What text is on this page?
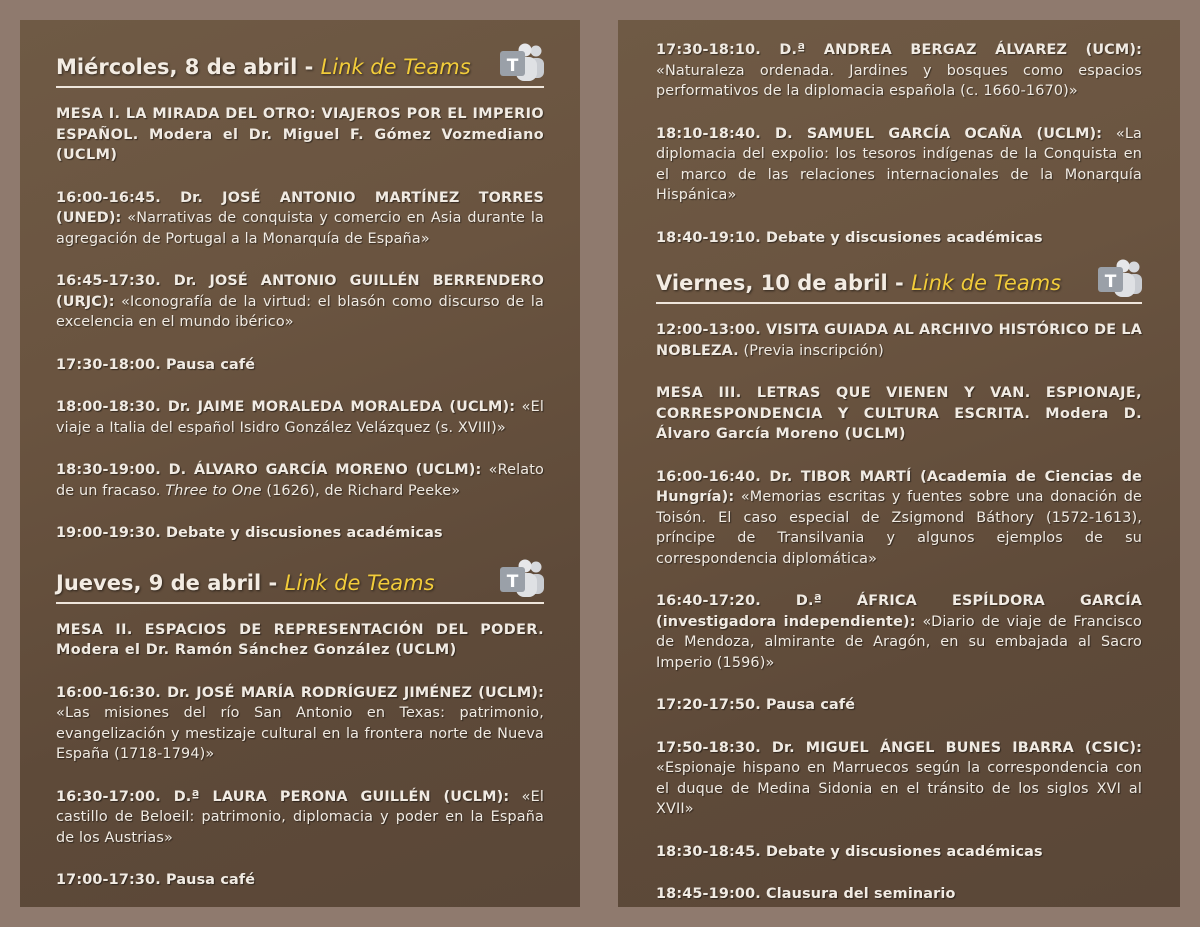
Miércoles, 8 de abril - Link de Teams

MESA I. LA MIRADA DEL OTRO: VIAJEROS POR EL IMPERIO ESPAÑOL. Modera el Dr. Miguel F. Gómez Vozmediano (UCLM)

16:00-16:45. Dr. JOSÉ ANTONIO MARTÍNEZ TORRES (UNED): «Narrativas de conquista y comercio en Asia durante la agregación de Portugal a la Monarquía de España»

16:45-17:30. Dr. JOSÉ ANTONIO GUILLÉN BERRENDERO (URJC): «Iconografía de la virtud: el blasón como discurso de la excelencia en el mundo ibérico»

17:30-18:00. Pausa café

18:00-18:30. Dr. JAIME MORALEDA MORALEDA (UCLM): «El viaje a Italia del español Isidro González Velázquez (s. XVIII)»

18:30-19:00. D. ÁLVARO GARCÍA MORENO (UCLM): «Relato de un fracaso. Three to One (1626), de Richard Peeke»

19:00-19:30. Debate y discusiones académicas

Jueves, 9 de abril - Link de Teams

MESA II. ESPACIOS DE REPRESENTACIÓN DEL PODER. Modera el Dr. Ramón Sánchez González (UCLM)

16:00-16:30. Dr. JOSÉ MARÍA RODRÍGUEZ JIMÉNEZ (UCLM): «Las misiones del río San Antonio en Texas: patrimonio, evangelización y mestizaje cultural en la frontera norte de Nueva España (1718-1794)»

16:30-17:00. D.ª LAURA PERONA GUILLÉN (UCLM): «El castillo de Beloeil: patrimonio, diplomacia y poder en la España de los Austrias»

17:00-17:30. Pausa café

17:30-18:10. D.ª ANDREA BERGAZ ÁLVAREZ (UCM): «Naturaleza ordenada. Jardines y bosques como espacios performativos de la diplomacia española (c. 1660-1670)»

18:10-18:40. D. SAMUEL GARCÍA OCAÑA (UCLM): «La diplomacia del expolio: los tesoros indígenas de la Conquista en el marco de las relaciones internacionales de la Monarquía Hispánica»

18:40-19:10. Debate y discusiones académicas

Viernes, 10 de abril - Link de Teams

12:00-13:00. VISITA GUIADA AL ARCHIVO HISTÓRICO DE LA NOBLEZA. (Previa inscripción)

MESA III. LETRAS QUE VIENEN Y VAN. ESPIONAJE, CORRESPONDENCIA Y CULTURA ESCRITA. Modera D. Álvaro García Moreno (UCLM)

16:00-16:40. Dr. TIBOR MARTÍ (Academia de Ciencias de Hungría): «Memorias escritas y fuentes sobre una donación de Toisón. El caso especial de Zsigmond Báthory (1572-1613), príncipe de Transilvania y algunos ejemplos de su correspondencia diplomática»

16:40-17:20. D.ª ÁFRICA ESPÍLDORA GARCÍA (investigadora independiente): «Diario de viaje de Francisco de Mendoza, almirante de Aragón, en su embajada al Sacro Imperio (1596)»

17:20-17:50. Pausa café

17:50-18:30. Dr. MIGUEL ÁNGEL BUNES IBARRA (CSIC): «Espionaje hispano en Marruecos según la correspondencia con el duque de Medina Sidonia en el tránsito de los siglos XVI al XVII»

18:30-18:45. Debate y discusiones académicas

18:45-19:00. Clausura del seminario
